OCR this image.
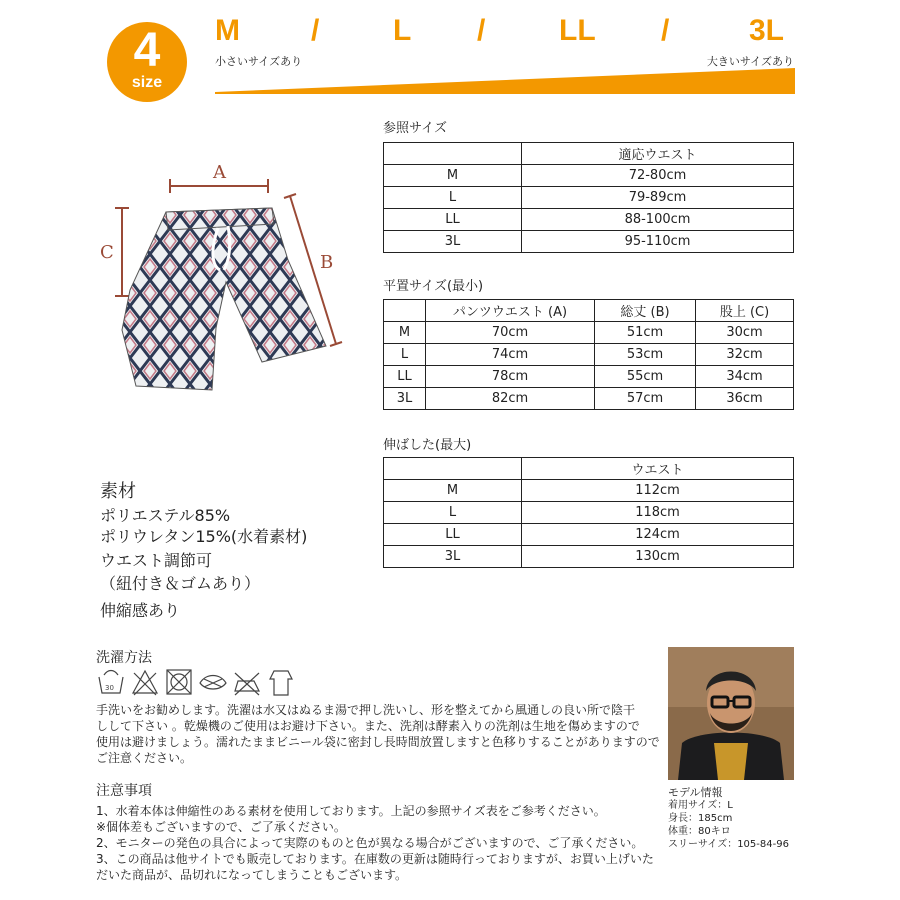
4
size
M / L / LL /	3L
小さいサイズあり	大きいサイズあり
A
C	B
参照サイズ
	適応ウエスト
M	72-80cm
L	79-89cm
LL	88-100cm
3L	95-110cm
平置サイズ(最小)
	パンツウエスト (A)	総丈 (B)	股上 (C)
M	70cm	51cm	30cm
L	74cm	53cm	32cm
LL	78cm	55cm	34cm
3L	82cm	57cm	36cm
伸ばした(最大)
	ウエスト
M	112cm
L	118cm
LL	124cm
3L	130cm
素材
ポリエステル85%
ポリウレタン15%(水着素材)
ウエスト調節可
（紐付き＆ゴムあり）
伸縮感あり
洗濯方法
30
手洗いをお勧めします。洗濯は水又はぬるま湯で押し洗いし、形を整えてから風通しの良い所で陰干
しして下さい 。乾燥機のご使用はお避け下さい。また、洗剤は酵素入りの洗剤は生地を傷めますので
使用は避けましょう。濡れたままビニール袋に密封し長時間放置しますと色移りすることがありますので
ご注意ください。
注意事項
1、水着本体は伸縮性のある素材を使用しております。上記の参照サイズ表をご参考ください。
※個体差もございますので、ご了承ください。
2、モニターの発色の具合によって実際のものと色が異なる場合がございますので、ご了承ください。
3、この商品は他サイトでも販売しております。在庫数の更新は随時行っておりますが、お買い上げいた
だいた商品が、品切れになってしまうこともございます。
モデル情報
着用サイズ：L
身長：185cm
体重：80キロ
スリーサイズ：105-84-96
